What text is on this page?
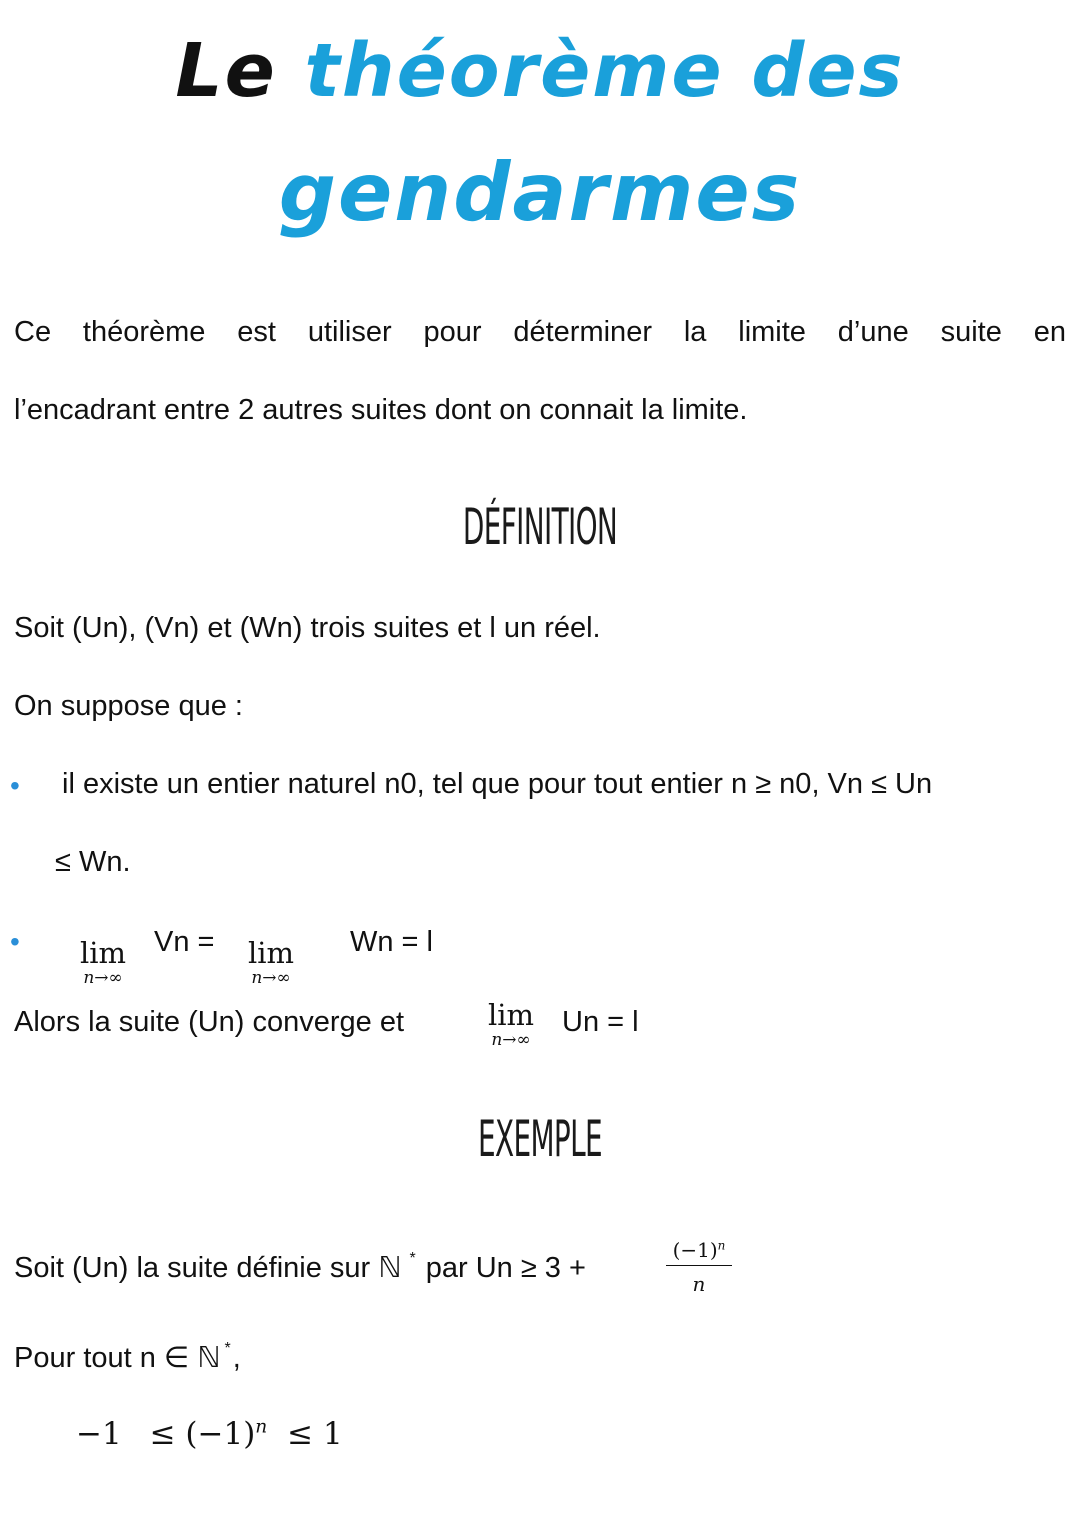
Le théorème des
gendarmes
Ce théorème est utiliser pour déterminer la limite d’une suite en
l’encadrant entre 2 autres suites dont on connait la limite.
DÉFINITION
Soit (Un), (Vn) et (Wn) trois suites et l un réel.
On suppose que :
• il existe un entier naturel n0, tel que pour tout entier n ≥ n0, Vn ≤ Un
≤ Wn.
•	lim
n→∞
Vn =	lim
n→∞
Wn = l
Alors la suite (Un) converge et	lim
n→∞
Un = l
EXEMPLE
Soit (Un) la suite définie sur ℕ * par Un ≥ 3 +	$\frac{(-1)^n}{n}$
Pour tout n ∈ ℕ *,
$-1 \le (-1)^n \le 1$
